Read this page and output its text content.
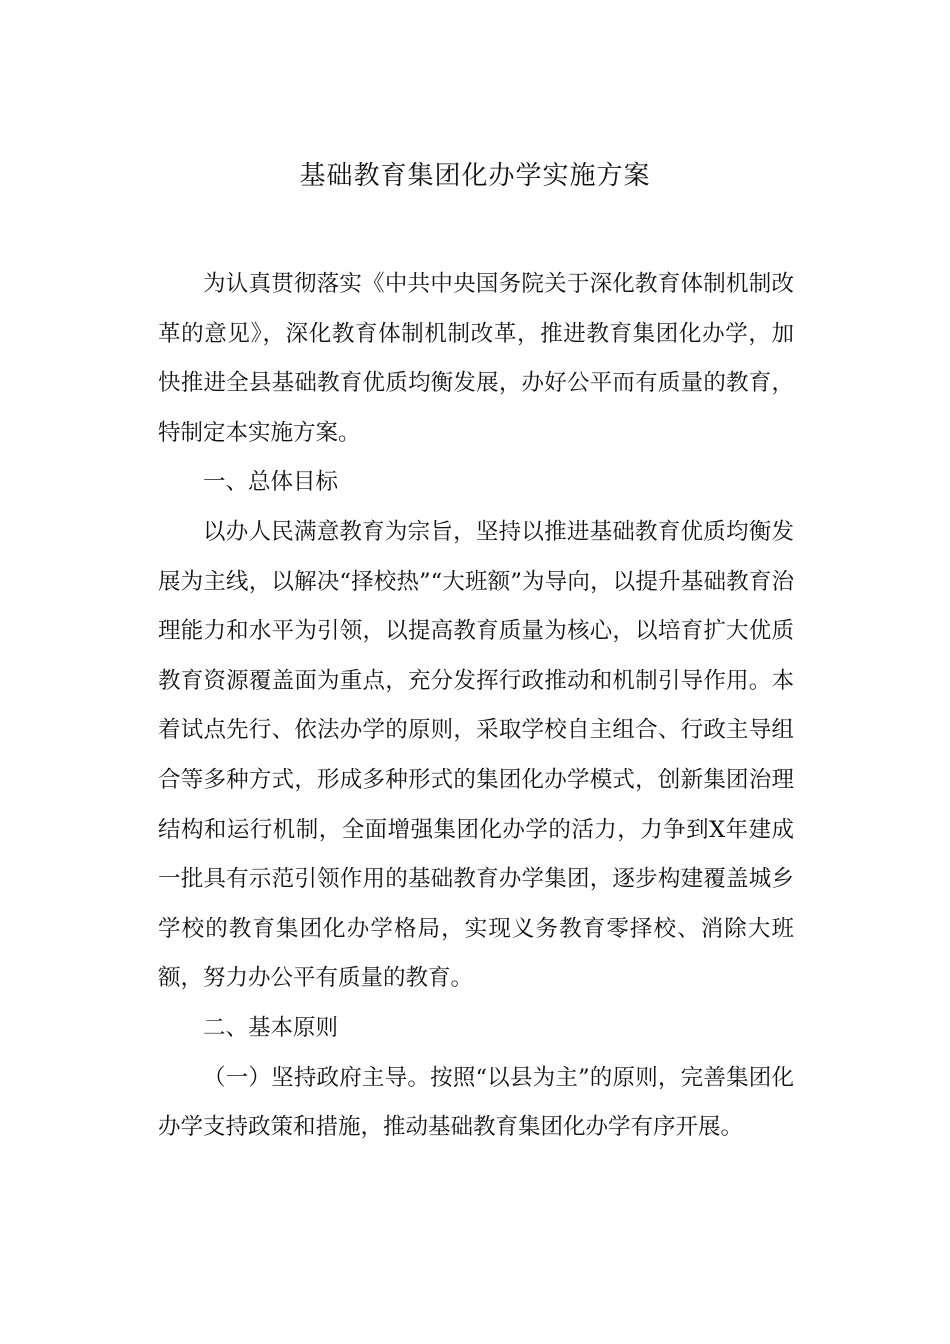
基础教育集团化办学实施方案

为认真贯彻落实《中共中央国务院关于深化教育体制机制改革的意见》，深化教育体制机制改革，推进教育集团化办学，加快推进全县基础教育优质均衡发展，办好公平而有质量的教育，特制定本实施方案。

一、总体目标

以办人民满意教育为宗旨，坚持以推进基础教育优质均衡发展为主线，以解决“择校热”“大班额”为导向，以提升基础教育治理能力和水平为引领，以提高教育质量为核心，以培育扩大优质教育资源覆盖面为重点，充分发挥行政推动和机制引导作用。本着试点先行、依法办学的原则，采取学校自主组合、行政主导组合等多种方式，形成多种形式的集团化办学模式，创新集团治理结构和运行机制，全面增强集团化办学的活力，力争到X年建成一批具有示范引领作用的基础教育办学集团，逐步构建覆盖城乡学校的教育集团化办学格局，实现义务教育零择校、消除大班额，努力办公平有质量的教育。

二、基本原则

（一）坚持政府主导。按照“以县为主”的原则，完善集团化办学支持政策和措施，推动基础教育集团化办学有序开展。
